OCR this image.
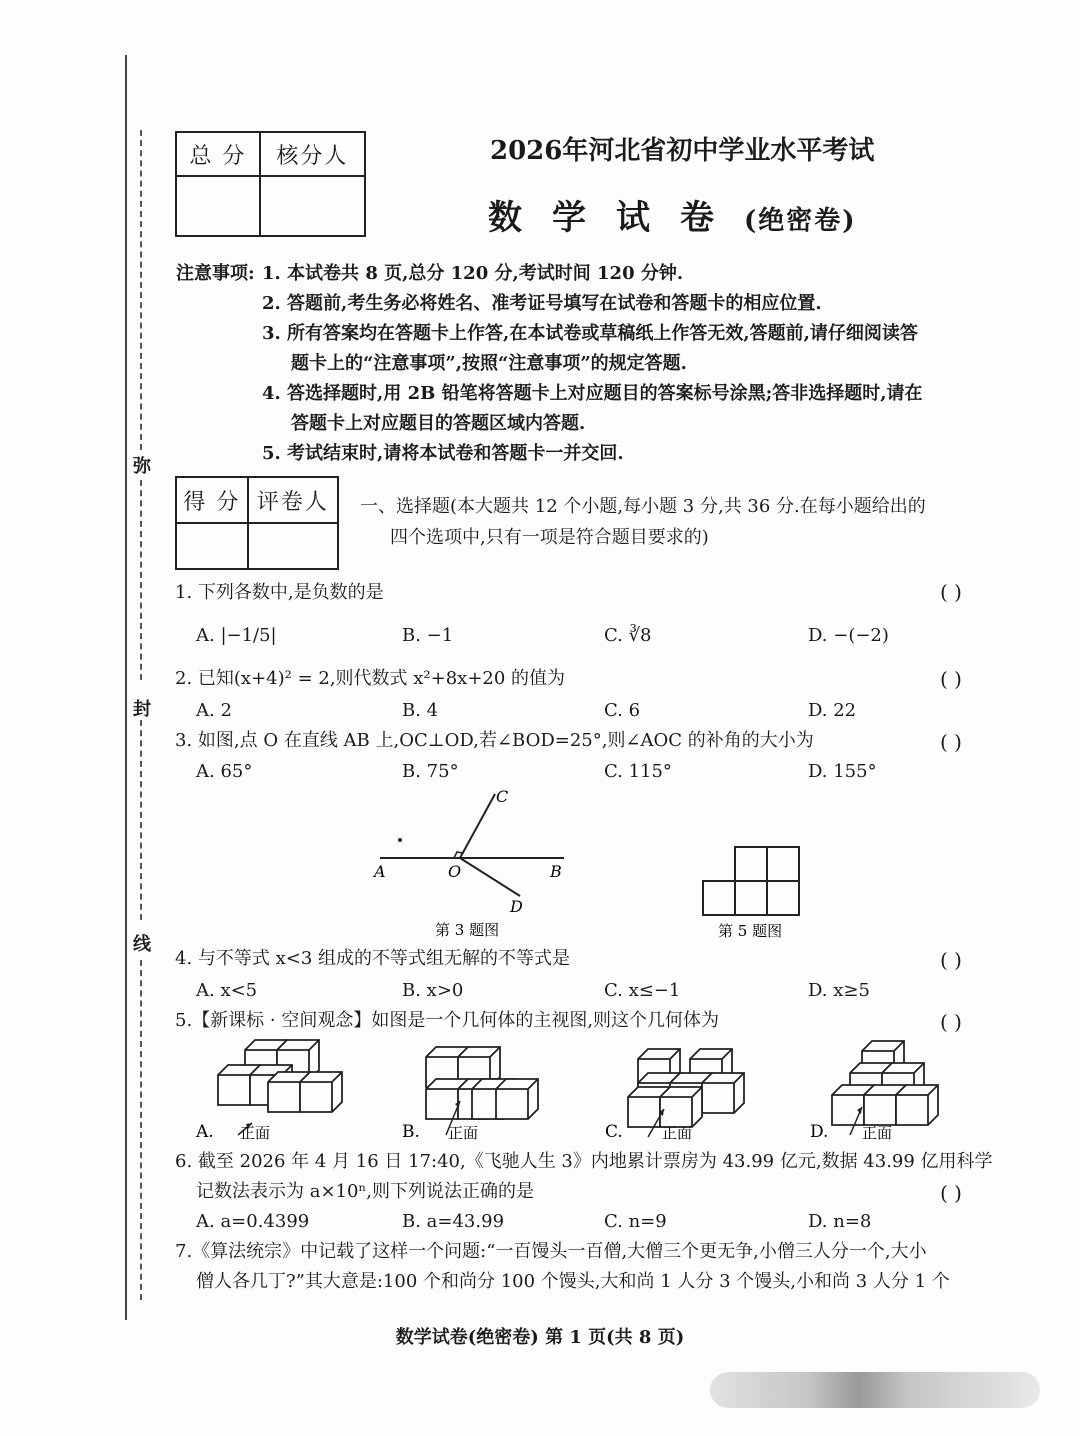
弥
封
线
总 分	核分人
		2026年河北省初中学业水平考试
数学试卷(绝密卷)
注意事项: 1. 本试卷共 8 页,总分 120 分,考试时间 120 分钟.
2. 答题前,考生务必将姓名、准考证号填写在试卷和答题卡的相应位置.
3. 所有答案均在答题卡上作答,在本试卷或草稿纸上作答无效,答题前,请仔细阅读答
题卡上的“注意事项”,按照“注意事项”的规定答题.
4. 答选择题时,用 2B 铅笔将答题卡上对应题目的答案标号涂黑;答非选择题时,请在
答题卡上对应题目的答题区域内答题.
5. 考试结束时,请将本试卷和答题卡一并交回.
得 分	评卷人
	一、选择题(本大题共 12 个小题,每小题 3 分,共 36 分.在每小题给出的
四个选项中,只有一项是符合题目要求的)
1. 下列各数中,是负数的是	( )
A. |−1/5|	B. −1	C. ∛8	D. −(−2)
2. 已知(x+4)² = 2,则代数式 x²+8x+20 的值为	( )
A. 2	B. 4	C. 6	D. 22
3. 如图,点 O 在直线 AB 上,OC⊥OD,若∠BOD=25°,则∠AOC 的补角的大小为	( )
A. 65°	B. 75°	C. 115°	D. 155°
A	O	B
C
D
第 3 题图	第 5 题图
4. 与不等式 x<3 组成的不等式组无解的不等式是	( )
A. x<5	B. x>0	C. x≤−1	D. x≥5
5.【新课标 · 空间观念】如图是一个几何体的主视图,则这个几何体为	( )
A. 正面	B. 正面	C.	正面	D. 正面
6. 截至 2026 年 4 月 16 日 17:40,《飞驰人生 3》内地累计票房为 43.99 亿元,数据 43.99 亿用科学
记数法表示为 a×10ⁿ,则下列说法正确的是	( )
A. a=0.4399	B. a=43.99	C. n=9	D. n=8
7.《算法统宗》中记载了这样一个问题:“一百馒头一百僧,大僧三个更无争,小僧三人分一个,大小
僧人各几丁?”其大意是:100 个和尚分 100 个馒头,大和尚 1 人分 3 个馒头,小和尚 3 人分 1 个
数学试卷(绝密卷) 第 1 页(共 8 页)
